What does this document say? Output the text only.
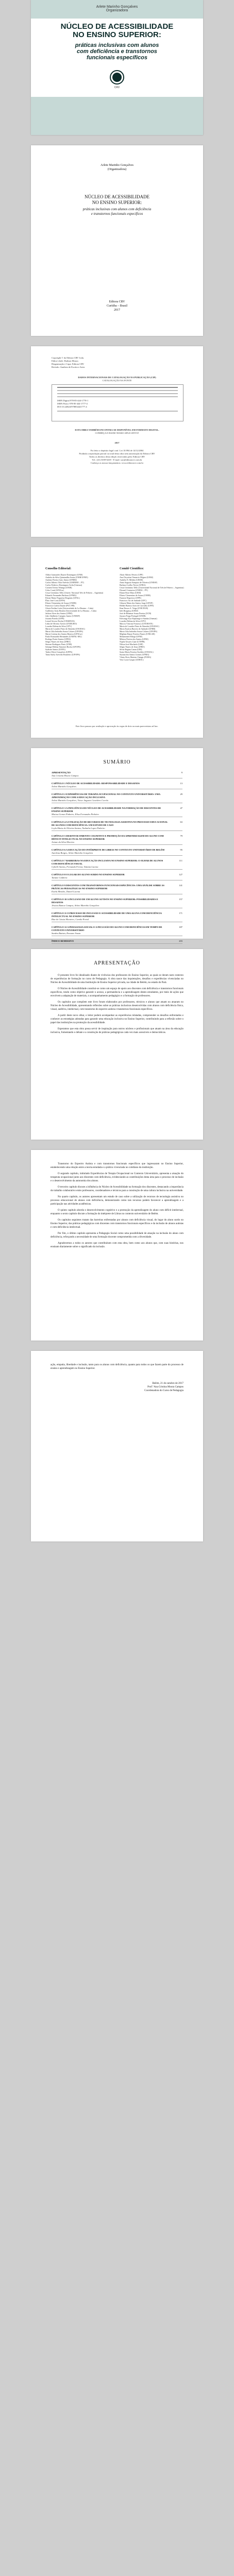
Arlete Marinho Gonçalves
Organizadora
NÚCLEO DE ACESSIBILIDADE
NO ENSINO SUPERIOR:
práticas inclusivas com alunos
com deficiência e transtornos
funcionais específicos
CRV
Arlete Marinho Gonçalves
(Organizadora)
NÚCLEO DE ACESSIBILIDADE
NO ENSINO SUPERIOR:
práticas inclusivas com alunos com deficiência
e transtornos funcionais específicos
Editora CRV
Curitiba – Brasil
2017
Copyright © da Editora CRV Ltda.
Editor-chefe: Railson Moura
Diagramação e Capa: Editora CRV
Revisão: Analista de Escrita e Artes
DADOS INTERNACIONAIS DE CATALOGAÇÃO NA PUBLICAÇÃO (CIP)
CATALOGAÇÃO NA FONTE
ISBN Digital 978-85-444-1778-1
ISBN Físico 978-85-444-1777-4
DOI 10.24824/978854441777.4
ESTA OBRA TAMBÉM ENCONTRA-SE DISPONÍVEL EM FORMATO DIGITAL.
CONHEÇA E BAIXE NOSSO APLICATIVO!
2017
Foi feito o depósito legal conf. Lei 10.994 de 14/12/2004
Proibida a reprodução parcial ou total desta obra sem autorização da Editora CRV
Todos os direitos desta edição reservados pela: Editora CRV
Tel.: (41) 3039-6418 - E-mail: sac@editoracrv.com.br
Conheça os nossos lançamentos: www.editoracrv.com.br
Conselho Editorial:
Aldira Guimarães Duarte Domínguez (UNB)
Andréia da Silva Quintanilha Sousa (UNIR/UFRN)
Antônio Pereira Gaio Júnior (UFRRJ)
Carlos Alberto Vilar Estêvão (UMINHO – PT)
Carlos Federico Dominguez Avila (Unieuro)
Carmen Tereza Velanga (UNIR)
Celso Conti (UFSCar)
Cesar Gerónimo Tello (Univer. Nacional Três de Febrero – Argentina)
Eduardo Fernandes Barbosa (UFMG)
Elione Maria Nogueira Diogenes (UFAL)
Élsio José Corá (UFFS)
Elizeu Clementino de Souza (UNEB)
Francisco Carlos Duarte (PUC-PR)
Gloria Fariñas León (Universidade de La Havana – Cuba)
Guillermo Arias Beatón (Universidade de La Havana – Cuba)
Jailson Alves dos Santos (UFRJ)
João Adalberto Campato Junior (UNESP)
Josania Portela (UFPI)
Leonel Severo Rocha (UNISINOS)
Lídia de Oliveira Xavier (UNIEURO)
Lourdes Helena da Silva (UFV)
Maria de Lourdes Pinto de Almeida (UNOESC)
Maria Lília Imbiriba Sousa Colares (UFOPA)
Maria Cristina dos Santos Bezerra (UFSCar)
Paulo Romualdo Hernandes (UNIFAL-MG)
Rodrigo Pratte-Santos (UFES)
Sérgio Nunes de Jesus (IFRO)
Simone Rodrigues Pinto (UNB)
Solange Helena Ximenes-Rocha (UFOPA)
Sydione Santos (UEPG)
Tadeu Oliver Gonçalves (UFPA)
Tania Suely Azevedo Brasileiro (UFOPA)
Comitê Científico:
Altair Alberto Fávero (UPF)
Ana Chrystina Venancio Mignot (UERJ)
Andréia N. Militão (UEMS)
Anna Augusta Sampaio de Oliveira (UNESP)
Barbara Coelho Neves (UFBA)
Cesar Gerónimo Tello (Universidad Nacional de Três de Febrero – Argentina)
Diosnel Centurion (UNIDA – PY)
Eliane Rose Maio (UEM)
Elizeu Clementino de Souza (UNEB)
Fauston Negreiros (UFPI)
Francisco Ari de Andrade (UFC)
Gláucia Maria dos Santos Jorge (UFOP)
Helder Buenos Aires de Carvalho (UFPI)
Ilma Passos A. Veiga (UNICEUB)
Inês Bragança (UERJ)
José de Ribamar Sousa Pereira (UCB)
Jussara Fraga Portugal (UNEB)
Kilwangy Kya Kapitango-a-Samba (Unemat)
Lourdes Helena da Silva (UFV)
Marcos Vinicius Francisco (UNOESTE)
Maria de Lourdes Pinto de Almeida (UNOESC)
Maria Eurácia Barreto de Andrade (UFRB)
Maria Lília Imbiriba Sousa Colares (UFOPA)
Míghian Danae Ferreira Nunes (UNILAB)
Mohammed Elhajji (UFRJ)
Mônica Pereira dos Santos (UFRJ)
Najela Tavares Ujiie (UTFPR)
Nilson José Machado (USP)
Sérgio Nunes de Jesus (IFRO)
Silvia Regina Canan (URI)
Sonia Maria Ferreira Koehler (UNISAL)
Suzana dos Santos Gomes (UFMG)
Vânia Alves Martins Chaigar (FURG)
Vera Lucia Gaspar (UDESC)
Este livro passou por avaliação e aprovação às cegas de dois ou mais pareceristas ad hoc.
SUMÁRIO
APRESENTAÇÃO	9
Ana Cristina Moura Campos
CAPÍTULO 1 NÚCLEO DE ACESSIBILIDADE: RESPONSABILIDADE E DESAFIOS	13
Arlete Marinho Gonçalves
CAPÍTULO 2 EXPERIÊNCIAS DE TERAPIA OCUPACIONAL NO CONTEXTO UNIVERSITÁRIO: UMA APROXIMAÇÃO COM A EDUCAÇÃO INCLUSIVA
29
Arlete Marinho Gonçalves, Victor Augusto Cavaleiro Corrêa
CAPÍTULO 3 A INFLUÊNCIA DO NÚCLEO DE ACESSIBILIDADE NA FORMAÇÃO DE DISCENTES DE ENSINO SUPERIOR
47
Marisa Gomes Pinheiro, Elisa Fernandes Pinheiro
CAPÍTULO 4 A UTILIZAÇÃO DE RECURSOS DE TECNOLOGIA ASSISTIVA NO PROCESSO EDUCACIONAL DE ALUNOS COM DEFICIÊNCIA: UM ESTUDO DE CASO
63
Leyla Maria de Oliveira Santos, Nathalia Lopes Pinheiro
CAPÍTULO 5 DESENVOLVIMENTO COGNITIVO E PROMOÇÃO DA APRENDIZAGEM DO ALUNO COM DÉFICIT INTELECTUAL NO ENSINO SUPERIOR
79
Ariane da Silva Moreira
CAPÍTULO 6 A EDUCAÇÃO DO INTÉRPRETE DE LIBRAS NO CONTEXTO UNIVERSITÁRIO DE BELÉM	95
Aurelena Borges, Arlete Marinho Gonçalves
CAPÍTULO 7 BARREIRAS NA EDUCAÇÃO INCLUSIVA NO ENSINO SUPERIOR: O OLHAR DE ALUNOS COM DEFICIÊNCIA VISUAL
111
Cybelle Santos, Fernanda Ferraz, Tatiana Lucena
CAPÍTULO 8 O LUGAR DO ALUNO SURDO NO ENSINO SUPERIOR	127
Tatiane Caldeira
CAPÍTULO 9 DISCENTES COM TRANSTORNOS FUNCIONAIS ESPECÍFICOS: UMA ANÁLISE SOBRE AS PRÁTICAS PEDAGÓGICAS NO ENSINO SUPERIOR
141
Estela Mendes, Daniel Lucena
CAPÍTULO 10 A INCLUSÃO DE UM ALUNO AUTISTA NO ENSINO SUPERIOR: POSSIBILIDADES E DESAFIOS
157
Jéssica Ramos Campos, Arlete Marinho Gonçalves
CAPÍTULO 11 O PROCESSO DE INCLUSÃO E ACESSIBILIDADE DE UMA ALUNA COM DEFICIÊNCIA INTELECTUAL NO ENSINO SUPERIOR
171
Rita de Cássia Monteiro, Camila Portal
CAPÍTULO 12 A PEDAGOGIA SOCIAL E A INCLUSÃO DO ALUNO COM DEFICIÊNCIA EM TEMPO DE CONTEXTO UNIVERSITÁRIO
187
Sandra Batista, Roseane Souza
ÍNDICE REMISSIVO	203
APRESENTAÇÃO

O presente livro foi idealizado diante de vivências dos professores do Ensino Superior, as quais se deram num contexto de experiências de formação no curso de Pedagogia. A obra nasce das inquietações, desafios e experiências vivenciadas no Núcleo de Acessibilidade de uma Instituição de Ensino Superior privada, na cidade de Belém, no estado do Pará.

O Núcleo de Acessibilidade constitui-se como um espaço de apoio aos discentes com deficiência e transtornos funcionais específicos, tendo como objetivo garantir o acesso, a permanência e a aprendizagem destes estudantes, por meio de ações que envolvem a adaptação de materiais, o acompanhamento pedagógico e a formação de professores.

Os capítulos que compõem este livro foram elaborados por professores, técnicos e alunos que atuam ou atuaram no Núcleo de Acessibilidade, apresentando reflexões sobre as práticas inclusivas desenvolvidas com alunos com deficiência física, visual, auditiva, intelectual, com transtorno do espectro autista e transtornos funcionais específicos.

A partir deste novo olhar, o leitor poderá acompanhar as experiências relatadas, compreender os desafios enfrentados e conhecer as estratégias adotadas para garantir uma educação inclusiva no Ensino Superior, contribuindo para a reflexão sobre o papel das instituições na promoção da acessibilidade.

Esperamos que esta obra possa servir de inspiração para outros núcleos e profissionais que atuam na área da educação inclusiva, fomentando o debate e a construção de práticas pedagógicas cada vez mais acessíveis e democráticas.

Transtorno do Espectro Autista e com transtornos funcionais específicos que ingressaram no Ensino Superior, estabelecendo uma relação entre a teoria estudada e a prática vivenciada no cotidiano da instituição.

O segundo capítulo, intitulado Experiências de Terapia Ocupacional no Contexto Universitário, apresenta a atuação do terapeuta ocupacional junto aos discentes com deficiência, evidenciando as contribuições desta área para o processo de inclusão e o desenvolvimento da autonomia dos alunos.

O terceiro capítulo discute a influência do Núcleo de Acessibilidade na formação dos discentes, destacando a importância do trabalho colaborativo entre professores, coordenadores e técnicos para a construção de uma cultura inclusiva na universidade.

No quarto capítulo, os autores apresentam um estudo de caso sobre a utilização de recursos de tecnologia assistiva no processo educacional de alunos com deficiência, demonstrando como tais recursos podem favorecer a aprendizagem e a participação nas atividades acadêmicas.

O quinto capítulo aborda o desenvolvimento cognitivo e a promoção da aprendizagem do aluno com déficit intelectual, enquanto o sexto capítulo discute a formação do intérprete de Libras no contexto universitário de Belém.

Os capítulos seguintes tratam das barreiras enfrentadas por alunos com deficiência visual, do lugar do aluno surdo no Ensino Superior, das práticas pedagógicas com discentes com transtornos funcionais específicos e da inclusão de alunos autistas e com deficiência intelectual.

Por fim, o último capítulo apresenta a Pedagogia Social como uma possibilidade de atuação na inclusão do aluno com deficiência, reforçando a necessidade de uma formação docente comprometida com a diversidade.

Agradecemos a todos os autores que contribuíram com esta obra, bem como aos alunos que, com suas histórias, nos ensinam diariamente sobre o significado da inclusão.

ação, empatia, liberdade e inclusão, tanto para os alunos com deficiência, quanto para todos os que fazem parte do processo de ensino e aprendizagem no Ensino Superior.

Belém, 21 de outubro de 2017
Prof.ª Ana Cristina Moura Campos
Coordenadora do Curso de Pedagogia
